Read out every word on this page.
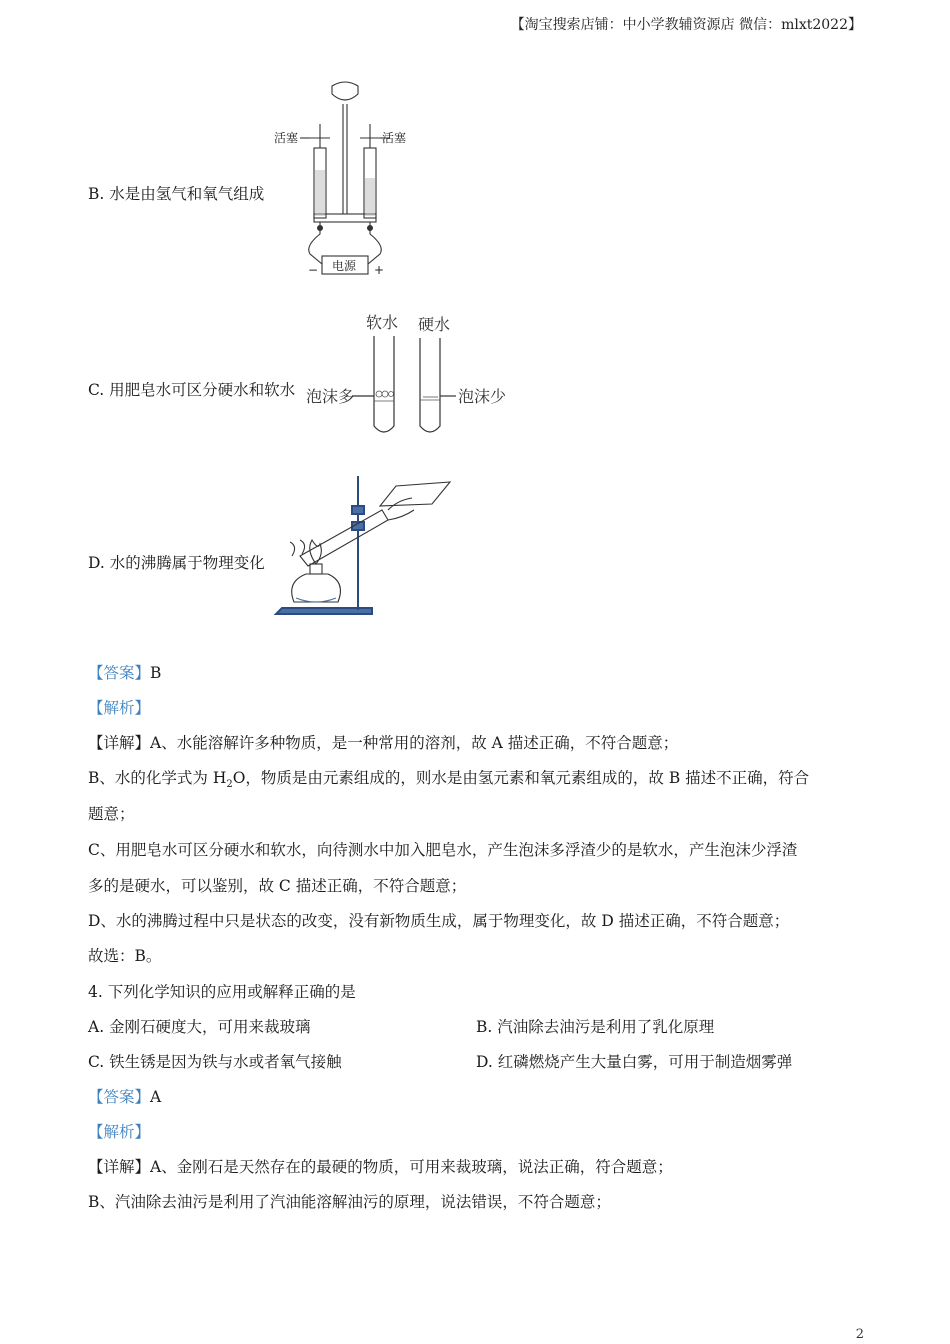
【淘宝搜索店铺：中小学教辅资源店 微信：mlxt2022】
B. 水是由氢气和氧气组成
活塞	活塞
电源
−	+
C. 用肥皂水可区分硬水和软水
软水 硬水
泡沫多	泡沫少
D. 水的沸腾属于物理变化
【答案】B
【解析】
【详解】A、水能溶解许多种物质，是一种常用的溶剂，故 A 描述正确，不符合题意；
B、水的化学式为 $H_2O$，物质是由元素组成的，则水是由氢元素和氧元素组成的，故 B 描述不正确，符合
题意；
C、用肥皂水可区分硬水和软水，向待测水中加入肥皂水，产生泡沫多浮渣少的是软水，产生泡沫少浮渣
多的是硬水，可以鉴别，故 C 描述正确，不符合题意；
D、水的沸腾过程中只是状态的改变，没有新物质生成，属于物理变化，故 D 描述正确，不符合题意；
故选：B。
4. 下列化学知识的应用或解释正确的是
A. 金刚石硬度大，可用来裁玻璃	B. 汽油除去油污是利用了乳化原理
C. 铁生锈是因为铁与水或者氧气接触	D. 红磷燃烧产生大量白雾，可用于制造烟雾弹
【答案】A
【解析】
【详解】A、金刚石是天然存在的最硬的物质，可用来裁玻璃，说法正确，符合题意；
B、汽油除去油污是利用了汽油能溶解油污的原理，说法错误，不符合题意；
2
